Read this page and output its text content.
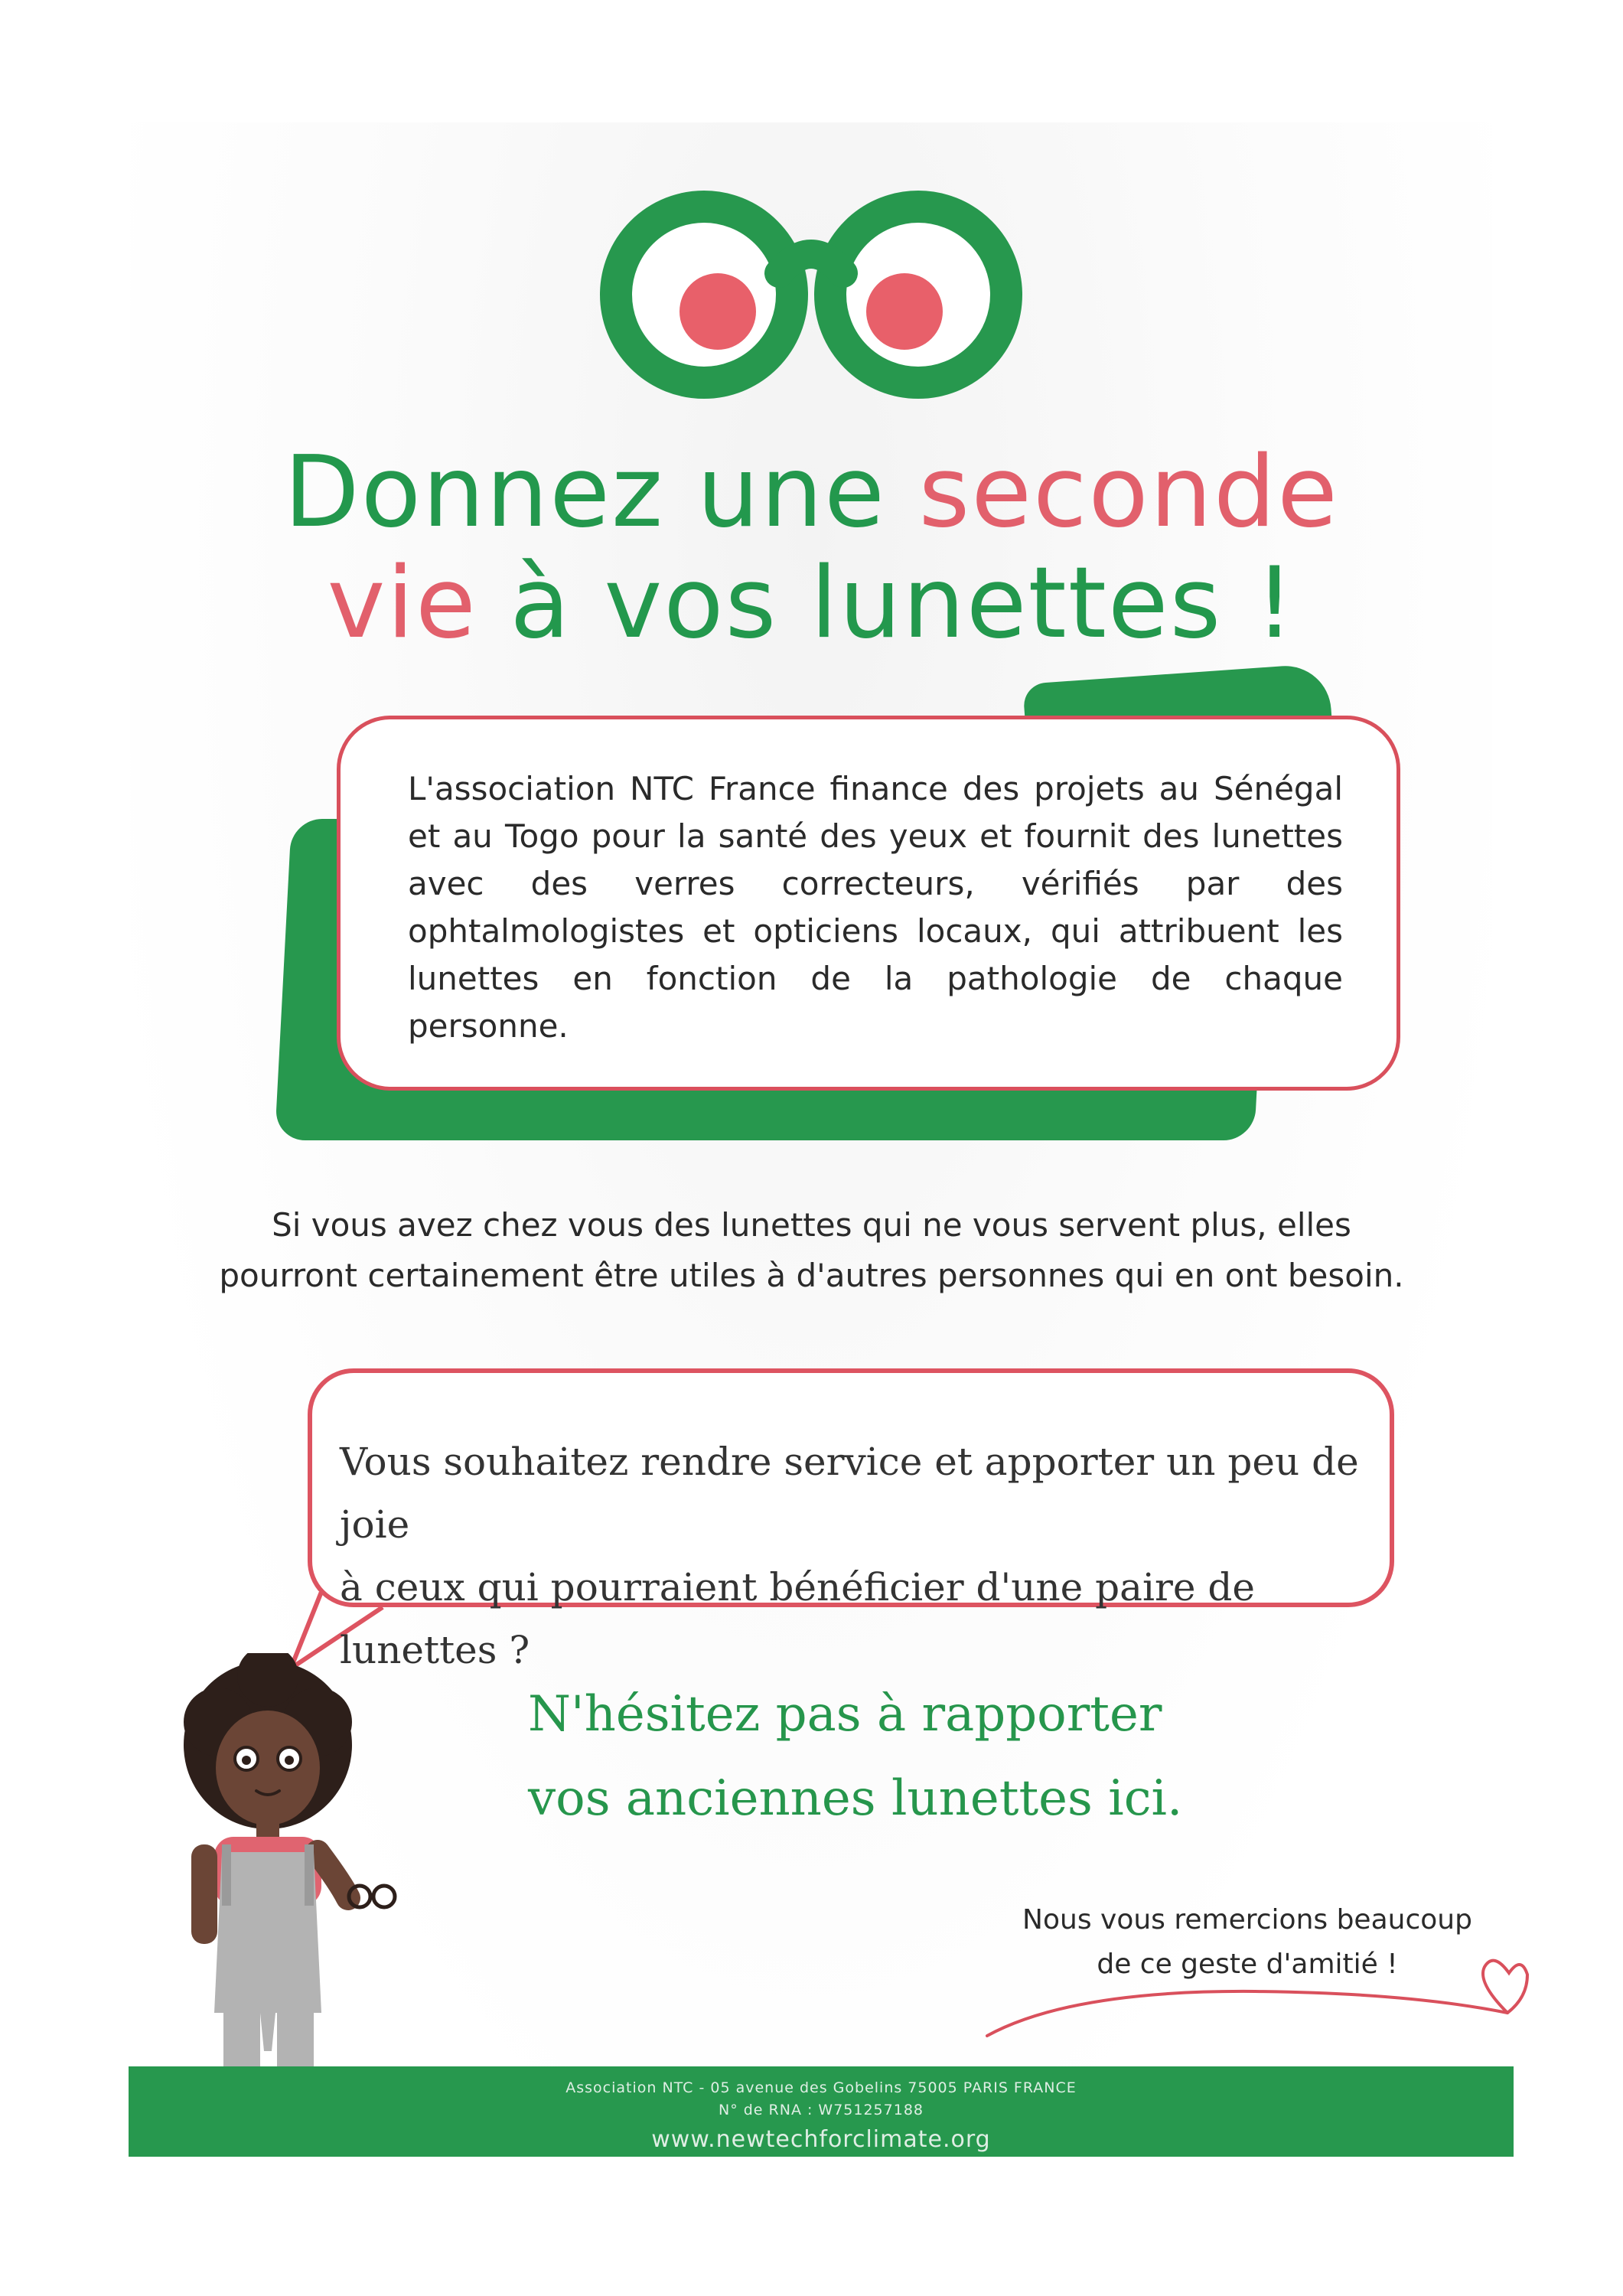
Donnez une seconde
vie à vos lunettes !

L'association NTC France finance des projets au Sénégal et au Togo pour la santé des yeux et fournit des lunettes avec des verres correcteurs, vérifiés par des ophtalmologistes et opticiens locaux, qui attribuent les lunettes en fonction de la pathologie de chaque personne.

Si vous avez chez vous des lunettes qui ne vous servent plus, elles
pourront certainement être utiles à d'autres personnes qui en ont besoin.

Vous souhaitez rendre service et apporter un peu de joie
à ceux qui pourraient bénéficier d'une paire de lunettes ?

N'hésitez pas à rapporter
vos anciennes lunettes ici.
Nous vous remercions beaucoup
de ce geste d'amitié !
Association NTC - 05 avenue des Gobelins 75005 PARIS FRANCE
N° de RNA : W751257188
www.newtechforclimate.org
